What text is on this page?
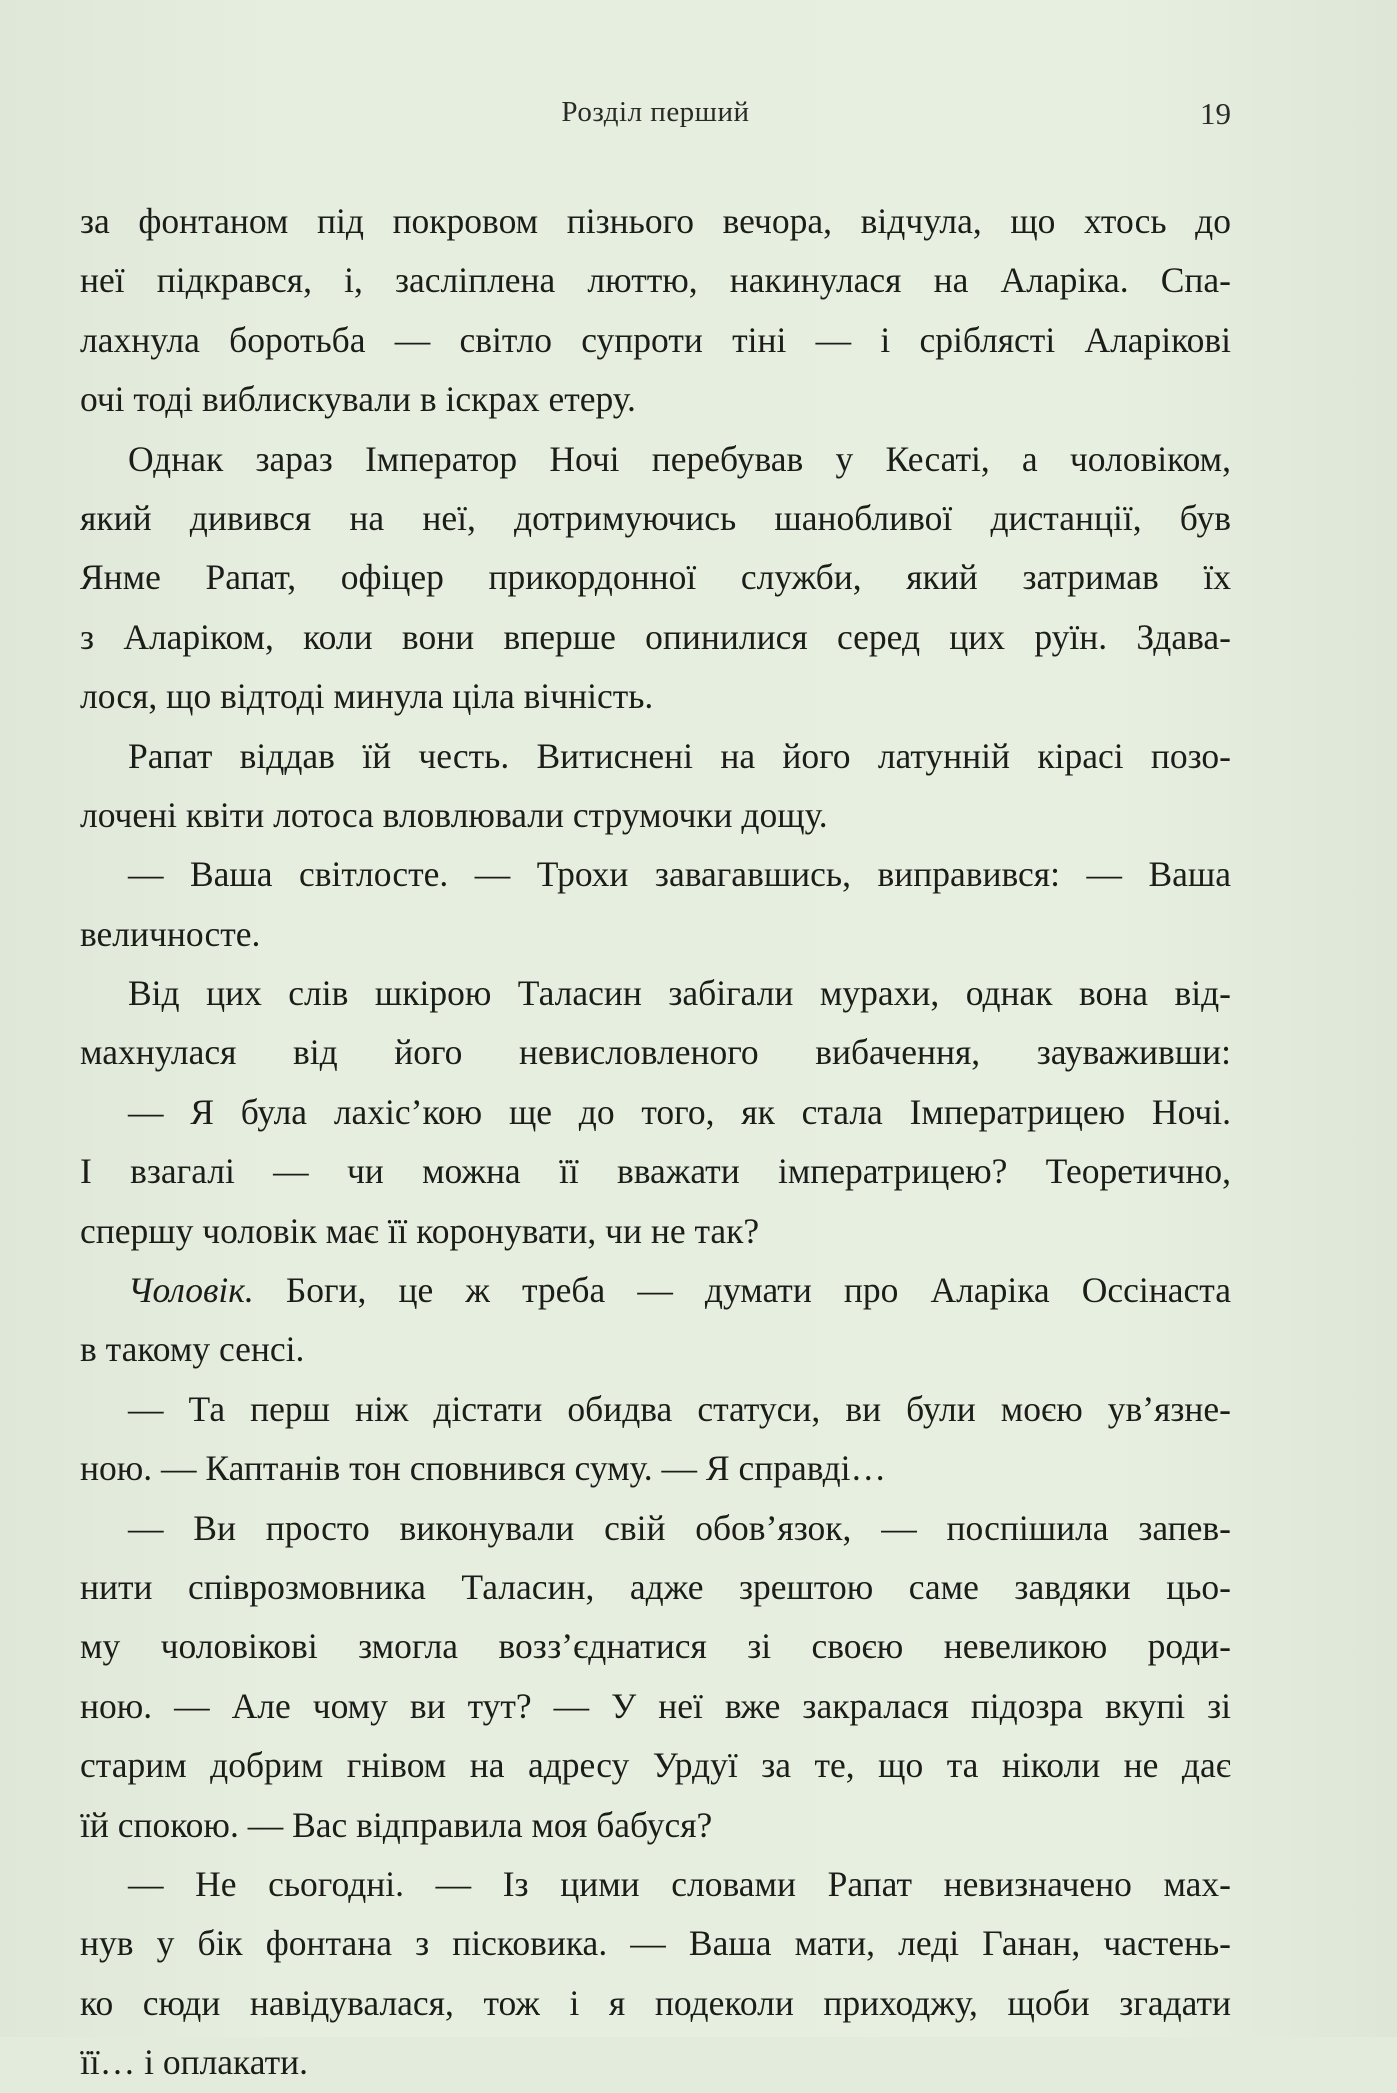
Розділ перший	19
за фонтаном під покровом пізнього вечора, відчула, що хтось до
неї підкрався, і, засліплена люттю, накинулася на Аларіка. Спа-
лахнула боротьба — світло супроти тіні — і сріблясті Аларікові
очі тоді виблискували в іскрах етеру.
Однак зараз Імператор Ночі перебував у Кесаті, а чоловіком,
який дивився на неї, дотримуючись шанобливої дистанції, був
Янме Рапат, офіцер прикордонної служби, який затримав їх
з Аларіком, коли вони вперше опинилися серед цих руїн. Здава-
лося, що відтоді минула ціла вічність.
Рапат віддав їй честь. Витиснені на його латунній кірасі позо-
лочені квіти лотоса вловлювали струмочки дощу.
— Ваша світлосте. — Трохи завагавшись, виправився: — Ваша
величносте.
Від цих слів шкірою Таласин забігали мурахи, однак вона від-
махнулася від його невисловленого вибачення, зауваживши:
— Я була лахіс’кою ще до того, як стала Імператрицею Ночі.
І взагалі — чи можна її вважати імператрицею? Теоретично,
спершу чоловік має її коронувати, чи не так?
Чоловік. Боги, це ж треба — думати про Аларіка Оссінаста
в такому сенсі.
— Та перш ніж дістати обидва статуси, ви були моєю ув’язне-
ною. — Каптанів тон сповнився суму. — Я справді…
— Ви просто виконували свій обов’язок, — поспішила запев-
нити співрозмовника Таласин, адже зрештою саме завдяки цьо-
му чоловікові змогла возз’єднатися зі своєю невеликою роди-
ною. — Але чому ви тут? — У неї вже закралася підозра вкупі зі
старим добрим гнівом на адресу Урдуї за те, що та ніколи не дає
їй спокою. — Вас відправила моя бабуся?
— Не сьогодні. — Із цими словами Рапат невизначено мах-
нув у бік фонтана з пісковика. — Ваша мати, леді Ганан, частень-
ко сюди навідувалася, тож і я подеколи приходжу, щоби згадати
її… і оплакати.
